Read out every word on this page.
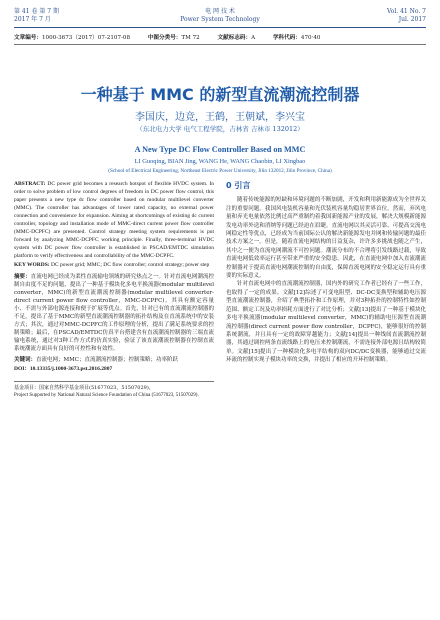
第 41 卷 第 7 期
2017 年 7 月
电 网 技 术
Power System Technology
Vol. 41 No. 7
Jul. 2017
文章编号：1000-3673（2017）07-2107-08	中图分类号：TM 72	文献标志码：A	学科代码：470·40
一种基于 MMC 的新型直流潮流控制器
李国庆，边竞，王鹤，王朝斌，李兴宝
（东北电力大学 电气工程学院，吉林省 吉林市 132012）
A New Type DC Flow Controller Based on MMC
LI Guoqing, BIAN Jing, WANG He, WANG Chaobin, LI Xingbao
(School of Electrical Engineering, Northeast Electric Power University, Jilin 132012, Jilin Province, China)

ABSTRACT: DC power grid becomes a research hotspot of flexible HVDC system. In order to solve problem of low control degrees of freedom in DC power flow control, this paper presents a new type dc flow controller based on modular multilevel converter (MMC). The controller has advantages of lower rated capacity, no external power connection and convenience for expansion. Aiming at shortcomings of existing dc current controller, topology and installation mode of MMC-direct current power flow controller (MMC-DCPFC) are presented. Control strategy meeting system requirements is put forward by analyzing MMC-DCPFC working principle. Finally, three-terminal HVDC system with DC power flow controller is established in PSCAD/EMTDC simulation platform to verify effectiveness and controllability of the MMC-DCPFC.

KEY WORDS: DC power grid; MMC; DC flow controller; control strategy; power step

摘要：直流电网已经成为柔性直流输电领域的研究热点之一。针对直流电网潮流控制自由度不足的问题，提出了一种基于模块化多电平换流器(modular multilevel converter，MMC)的新型直流潮流控制器(modular multilevel converter-direct current power flow controller，MMC-DCPFC)。其具有额定容量小、不需与外部电源连接和便于扩展等优点。首先，针对已有的直流潮流控制器的不足，提出了基于MMC的新型直流潮流控制器的拓扑结构及在直流系统中的安装方式；其次，通过对MMC-DCPFC的工作原理的分析，提出了满足系统要求的控制策略；最后，在PSCAD/EMTDC仿真平台搭建含有直流潮流控制器的三端直流输电系统，通过对3种工作方式的仿真实验，验证了该直流潮流控制器在控制直流系统潮流方面具有良好的可控性和有效性。

关键词：直流电网；MMC；直流潮流控制器；控制策略；功率阶跃

DOI：10.13335/j.1000-3673.pst.2016.2807

基金项目：国家自然科学基金项目(51677023，51507029)。
Project Supported by National Natural Science Foundation of China (51677023, 51507029).
0 引言

随着传统能源的短缺和环境问题的不断加剧，开发和利用新能源成为全世界关注的重要问题。我国风电装机容量和光伏装机容量均稳居世界首位，然而，弃风电量和弃光电量依然比例过高严重制约着我国新能源产业的发展，解决大规模新能源发电功率外送和消纳等问题已经迫在眉睫。直流电网以其灵活可靠、可提高交流电网稳定性等优点，已经成为当前国际公认的解决新能源发电并网和传输问题的最佳技术方案之一。但是，随着直流电网结构的日益复杂，许许多多挑战也随之产生，其中之一便为直流电网潮流不可控问题。潮流分布的不合理将引发线路过载，导致直流电网低效率运行甚至带来严重的安全隐患。因此，在直流电网中加入直流潮流控制器对于提高直流电网潮流控制的自由度，保障直流电网的安全稳定运行具有重要的实际意义。

针对直流电网中的直流潮流控制器，国内外的研究工作者已经有了一些工作，也取得了一定的成果。文献[12]综述了可变电阻型、DC-DC变换型和辅助电压源型直流潮流控制器，介绍了典型拓扑和工作原理，并对3种拓扑的控制特性如控制范围、额定工况及功率损耗方面进行了对比分析；文献[13]提出了一种基于模块化多电平换流器(modular multilevel converter，MMC)的辅助电压源型直流潮流控制器(direct current power flow controller，DCPFC)，能够很好的控制系统潮流，并且具有一定的故障穿越能力；文献[14]提出一种线间直流潮流控制器，其通过调控两条直流线路上的电压来控制潮流，不需连接外部电源且结构较简单。文献[15]提出了一种模块化多电平结构的双向DC/DC变换器，能够通过交流环流的控制实现子模块功率的交换，并提出了相应的开环控制策略。
